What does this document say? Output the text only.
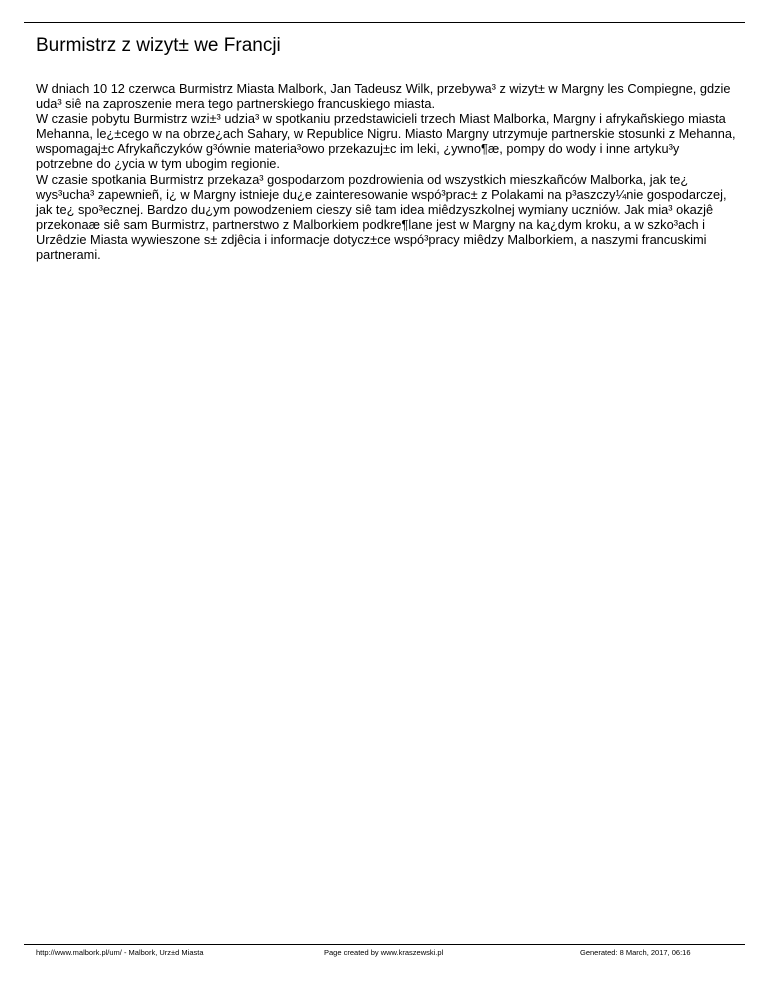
Burmistrz z wizyt± we Francji

W dniach 10 12 czerwca Burmistrz Miasta Malbork, Jan Tadeusz Wilk, przebywa³ z wizyt± w Margny les Compiegne, gdzie uda³ siê na zaproszenie mera tego partnerskiego francuskiego miasta.

W czasie pobytu Burmistrz wzi±³ udzia³ w spotkaniu przedstawicieli trzech Miast Malborka, Margny i afrykañskiego miasta Mehanna, le¿±cego w na obrze¿ach Sahary, w Republice Nigru. Miasto Margny utrzymuje partnerskie stosunki z Mehanna, wspomagaj±c Afrykañczyków g³ównie materia³owo przekazuj±c im leki, ¿ywno¶æ, pompy do wody i inne artyku³y potrzebne do ¿ycia w tym ubogim regionie.

W czasie spotkania Burmistrz przekaza³ gospodarzom pozdrowienia od wszystkich mieszkañców Malborka, jak te¿ wys³ucha³ zapewnieñ, i¿ w Margny istnieje du¿e zainteresowanie wspó³prac± z Polakami na p³aszczy¼nie gospodarczej, jak te¿ spo³ecznej. Bardzo du¿ym powodzeniem cieszy siê tam idea miêdzyszkolnej wymiany uczniów. Jak mia³ okazjê przekonaæ siê sam Burmistrz, partnerstwo z Malborkiem podkre¶lane jest w Margny na ka¿dym kroku, a w szko³ach i Urzêdzie Miasta wywieszone s± zdjêcia i informacje dotycz±ce wspó³pracy miêdzy Malborkiem, a naszymi francuskimi partnerami.

http://www.malbork.pl/um/ - Malbork, Urz±d Miasta	Page created by www.kraszewski.pl	Generated: 8 March, 2017, 06:16
